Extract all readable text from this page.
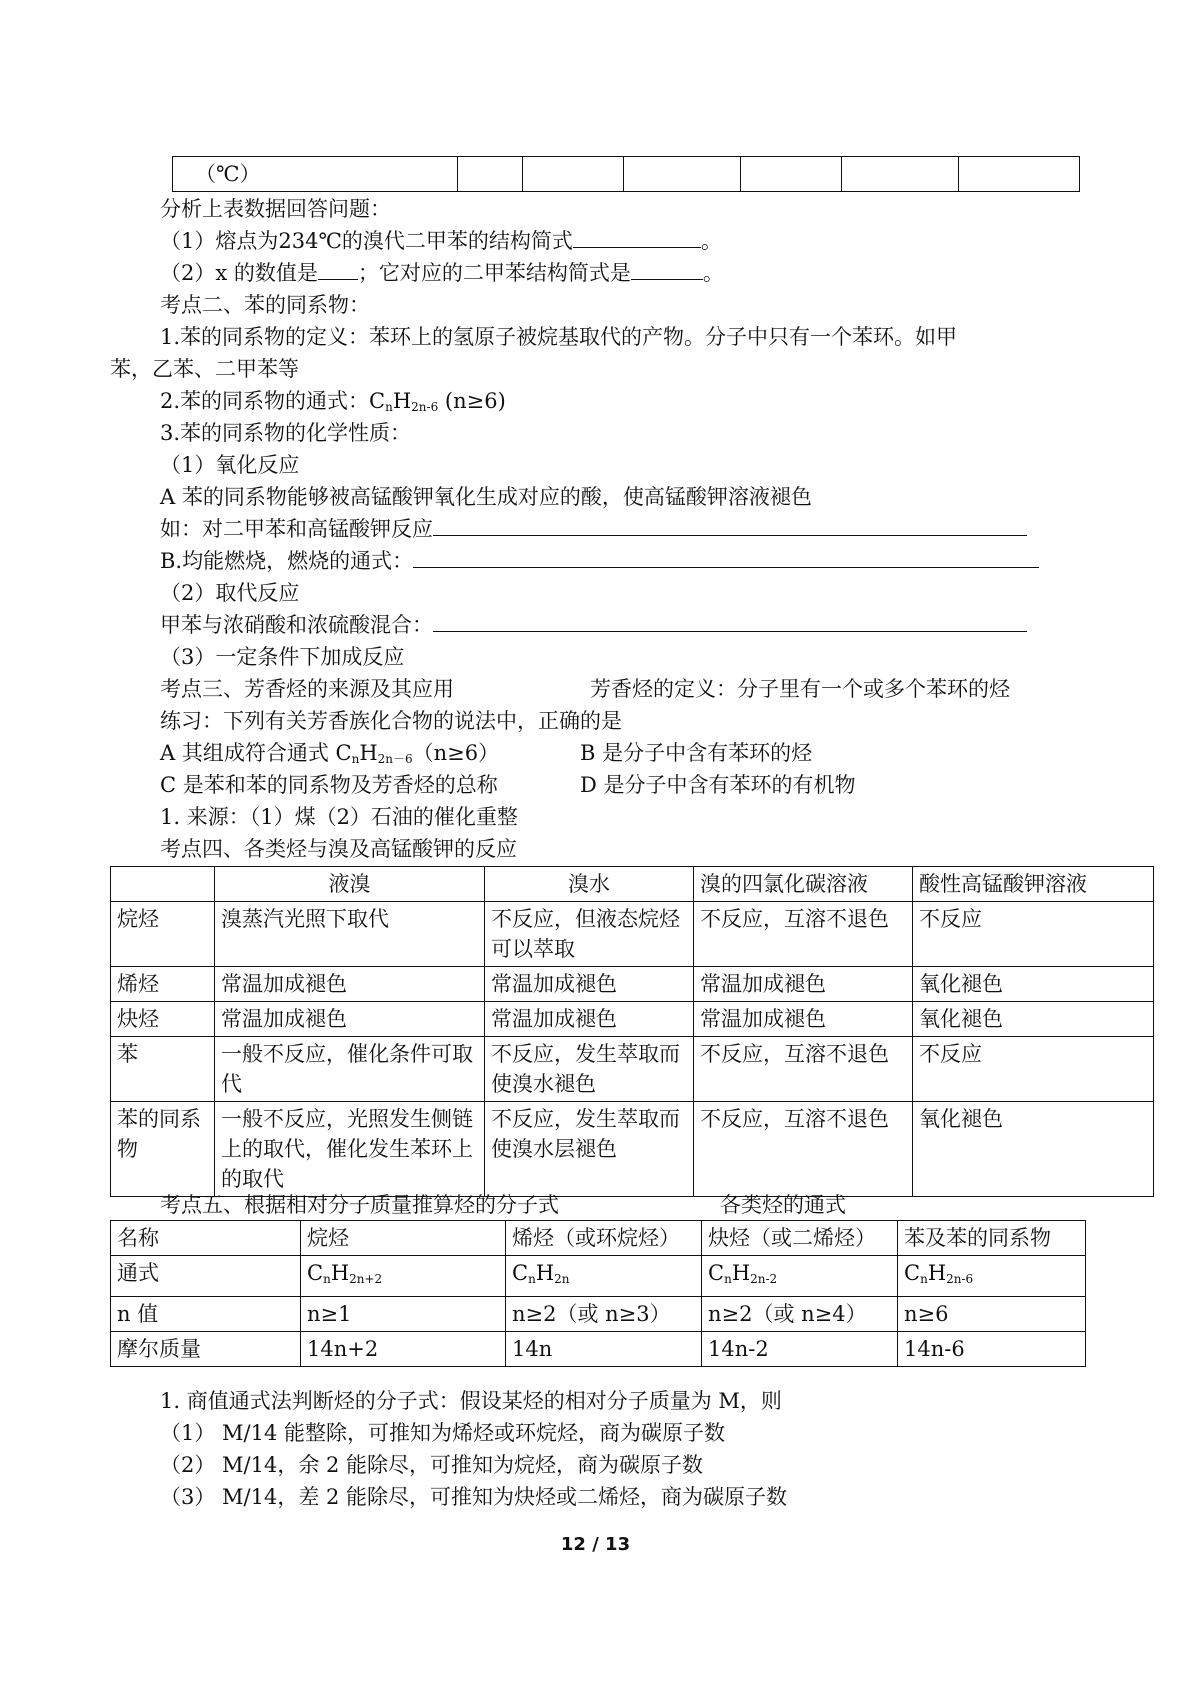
（℃）						
分析上表数据回答问题：
（1）熔点为234℃的溴代二甲苯的结构简式	。
（2）x 的数值是 ；它对应的二甲苯结构简式是	。
考点二、苯的同系物：
1.苯的同系物的定义：苯环上的氢原子被烷基取代的产物。分子中只有一个苯环。如甲
苯，乙苯、二甲苯等
2.苯的同系物的通式：$C_nH_{2n-6}$ (n≥6)
3.苯的同系物的化学性质：
（1）氧化反应
A 苯的同系物能够被高锰酸钾氧化生成对应的酸，使高锰酸钾溶液褪色
如：对二甲苯和高锰酸钾反应
B.均能燃烧，燃烧的通式：
（2）取代反应
甲苯与浓硝酸和浓硫酸混合：
（3）一定条件下加成反应
考点三、芳香烃的来源及其应用	芳香烃的定义：分子里有一个或多个苯环的烃
练习：下列有关芳香族化合物的说法中，正确的是
A 其组成符合通式 $C_nH_{2n-6}(n\ge 6)$	B 是分子中含有苯环的烃
C 是苯和苯的同系物及芳香烃的总称	D 是分子中含有苯环的有机物
1. 来源：（1）煤（2）石油的催化重整
考点四、各类烃与溴及高锰酸钾的反应
	液溴	溴水	溴的四氯化碳溶液	酸性高锰酸钾溶液
烷烃	溴蒸汽光照下取代	不反应，但液态烷烃可以萃取	不反应，互溶不退色	不反应
烯烃	常温加成褪色	常温加成褪色	常温加成褪色	氧化褪色
炔烃	常温加成褪色	常温加成褪色	常温加成褪色	氧化褪色
苯	一般不反应，催化条件可取代	不反应，发生萃取而使溴水褪色	不反应，互溶不退色	不反应
苯的同系物	一般不反应，光照发生侧链上的取代，催化发生苯环上的取代	不反应，发生萃取而使溴水层褪色	不反应，互溶不退色	氧化褪色
考点五、根据相对分子质量推算烃的分子式	各类烃的通式
名称	烷烃	烯烃（或环烷烃）	炔烃（或二烯烃）	苯及苯的同系物
通式	$C_nH_{2n+2}$	$C_nH_{2n}$	$C_nH_{2n-2}$	$C_nH_{2n-6}$
n 值	n≥1	n≥2（或 n≥3）	n≥2（或 n≥4）	n≥6
摩尔质量	14n+2	14n	14n-2	14n-6
1. 商值通式法判断烃的分子式：假设某烃的相对分子质量为 M，则
（1） M/14 能整除，可推知为烯烃或环烷烃，商为碳原子数
（2） M/14，余 2 能除尽，可推知为烷烃，商为碳原子数
（3） M/14，差 2 能除尽，可推知为炔烃或二烯烃，商为碳原子数
12 / 13
